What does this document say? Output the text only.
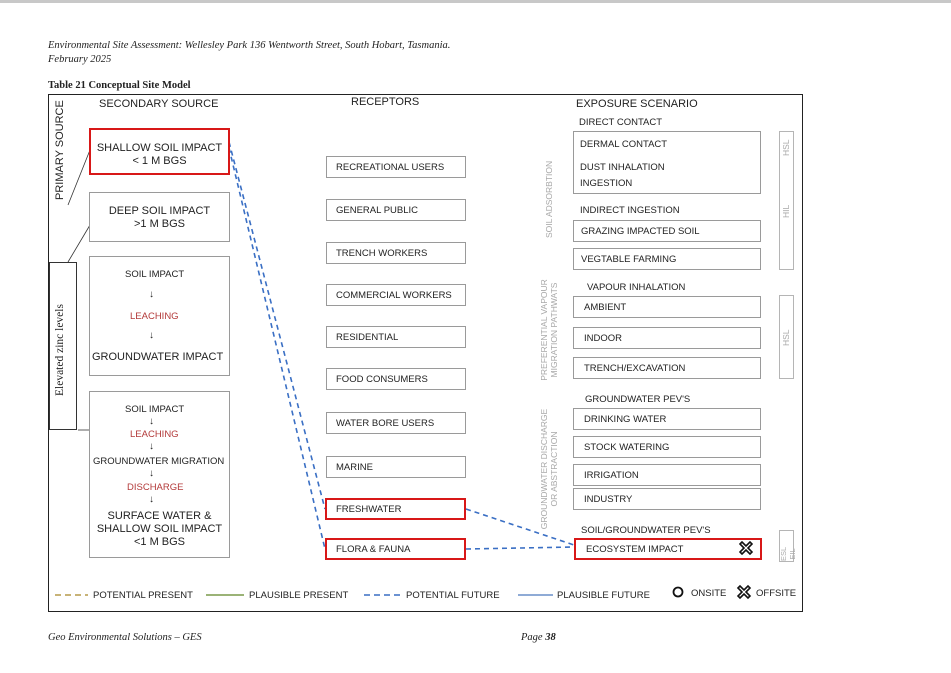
Environmental Site Assessment: Wellesley Park 136 Wentworth Street, South Hobart, Tasmania.
February 2025
Table 21 Conceptual Site Model
PRIMARY SOURCE	SECONDARY SOURCE	RECEPTORS	EXPOSURE SCENARIO
Elevated zinc levels
SHALLOW SOIL IMPACT
< 1 M BGS
DEEP SOIL IMPACT
>1 M BGS
SOIL IMPACT
↓
LEACHING
↓
GROUNDWATER IMPACT
SOIL IMPACT
↓
LEACHING
↓
GROUNDWATER MIGRATION
↓
DISCHARGE
↓
SURFACE WATER &
SHALLOW SOIL IMPACT
<1 M BGS
RECREATIONAL USERS
GENERAL PUBLIC
TRENCH WORKERS
COMMERCIAL WORKERS
RESIDENTIAL
FOOD CONSUMERS
WATER BORE USERS
MARINE
FRESHWATER
FLORA & FAUNA
SOIL ADSORBTION
PREFERENTIAL VAPOUR MIGRATION PATHWATS
GROUNDWATER DISCHARGE OR ABSTRACTION
DIRECT CONTACT
DERMAL CONTACT
DUST INHALATION
INGESTION
INDIRECT INGESTION
GRAZING IMPACTED SOIL
VEGTABLE FARMING
VAPOUR INHALATION
AMBIENT
INDOOR
TRENCH/EXCAVATION
GROUNDWATER PEV'S
DRINKING WATER
STOCK WATERING
IRRIGATION
INDUSTRY
SOIL/GROUNDWATER PEV'S
ECOSYSTEM IMPACT
HSL
HIL
HSL
ESL EIL
POTENTIAL PRESENT	PLAUSIBLE PRESENT	POTENTIAL FUTURE	PLAUSIBLE FUTURE	ONSITE	OFFSITE
Geo Environmental Solutions – GES	Page 38
